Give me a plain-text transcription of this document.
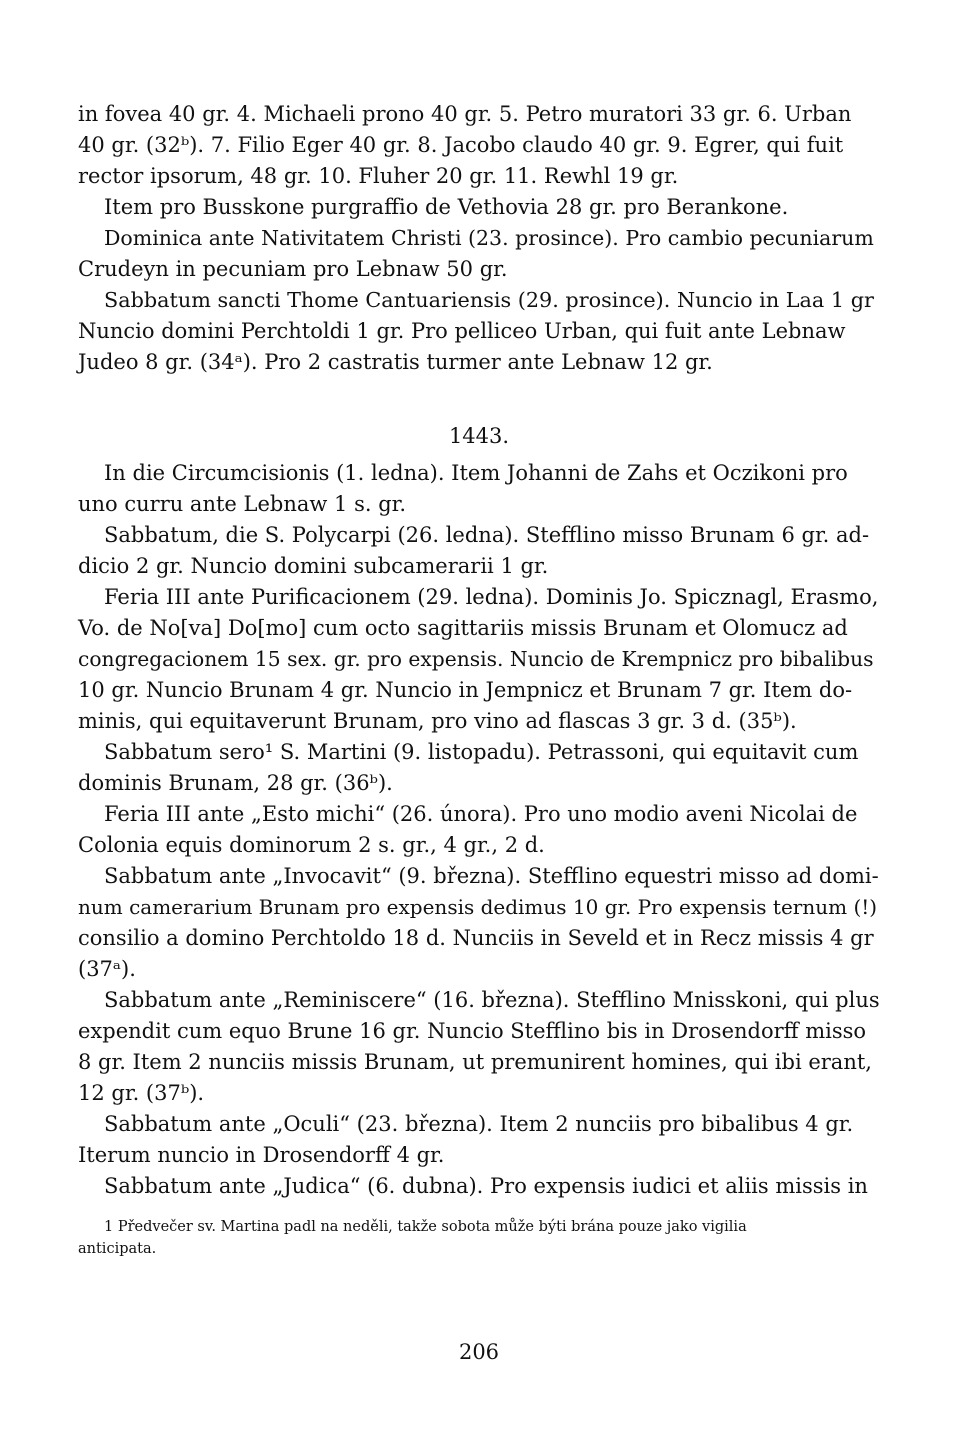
in fovea 40 gr. 4. Michaeli prono 40 gr. 5. Petro muratori 33 gr. 6. Urban
40 gr. (32ᵇ). 7. Filio Eger 40 gr. 8. Jacobo claudo 40 gr. 9. Egrer, qui fuit
rector ipsorum, 48 gr. 10. Fluher 20 gr. 11. Rewhl 19 gr.
Item pro Busskone purgraffio de Vethovia 28 gr. pro Berankone.
Dominica ante Nativitatem Christi (23. prosince). Pro cambio pecuniarum
Crudeyn in pecuniam pro Lebnaw 50 gr.
Sabbatum sancti Thome Cantuariensis (29. prosince). Nuncio in Laa 1 gr
Nuncio domini Perchtoldi 1 gr. Pro pelliceo Urban, qui fuit ante Lebnaw
Judeo 8 gr. (34ᵃ). Pro 2 castratis turmer ante Lebnaw 12 gr.
1443.
In die Circumcisionis (1. ledna). Item Johanni de Zahs et Oczikoni pro
uno curru ante Lebnaw 1 s. gr.
Sabbatum, die S. Polycarpi (26. ledna). Stefflino misso Brunam 6 gr. ad-
dicio 2 gr. Nuncio domini subcamerarii 1 gr.
Feria III ante Purificacionem (29. ledna). Dominis Jo. Spicznagl, Erasmo,
Vo. de No[va] Do[mo] cum octo sagittariis missis Brunam et Olomucz ad
congregacionem 15 sex. gr. pro expensis. Nuncio de Krempnicz pro bibalibus
10 gr. Nuncio Brunam 4 gr. Nuncio in Jempnicz et Brunam 7 gr. Item do-
minis, qui equitaverunt Brunam, pro vino ad flascas 3 gr. 3 d. (35ᵇ).
Sabbatum sero¹ S. Martini (9. listopadu). Petrassoni, qui equitavit cum
dominis Brunam, 28 gr. (36ᵇ).
Feria III ante „Esto michi“ (26. února). Pro uno modio aveni Nicolai de
Colonia equis dominorum 2 s. gr., 4 gr., 2 d.
Sabbatum ante „Invocavit“ (9. března). Stefflino equestri misso ad domi-
num camerarium Brunam pro expensis dedimus 10 gr. Pro expensis ternum (!)
consilio a domino Perchtoldo 18 d. Nunciis in Seveld et in Recz missis 4 gr
(37ᵃ).
Sabbatum ante „Reminiscere“ (16. března). Stefflino Mnisskoni, qui plus
expendit cum equo Brune 16 gr. Nuncio Stefflino bis in Drosendorff misso
8 gr. Item 2 nunciis missis Brunam, ut premunirent homines, qui ibi erant,
12 gr. (37ᵇ).
Sabbatum ante „Oculi“ (23. března). Item 2 nunciis pro bibalibus 4 gr.
Iterum nuncio in Drosendorff 4 gr.
Sabbatum ante „Judica“ (6. dubna). Pro expensis iudici et aliis missis in
1 Předvečer sv. Martina padl na neděli, takže sobota může býti brána pouze jako vigilia
anticipata.
206
